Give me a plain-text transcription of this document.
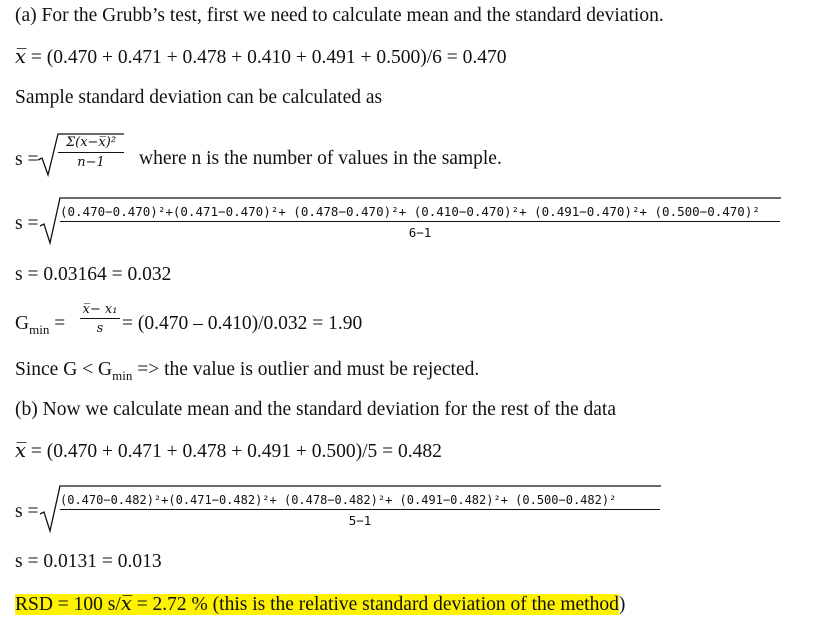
(a) For the Grubb’s test, first we need to calculate mean and the standard deviation.
x̅ = (0.470 + 0.471 + 0.478 + 0.410 + 0.491 + 0.500)/6 = 0.470
Sample standard deviation can be calculated as
$s = \frac{\text{Σ(x−x̅)²}}{n-1}$ where n is the number of values in the sample.
s =
(0.470−0.470)²+(0.471−0.470)²+ (0.478−0.470)²+ (0.410−0.470)²+ (0.491−0.470)²+ (0.500−0.470)²
6−1
s = 0.03164 = 0.032
$G_{min} = \frac{\text{x̅− x₁}}{s} = (0.470 - 0.410)/0.032 = 1.90$
Since $G < G_{min}$ => the value is outlier and must be rejected.
(b) Now we calculate mean and the standard deviation for the rest of the data
x̅ = (0.470 + 0.471 + 0.478 + 0.491 + 0.500)/5 = 0.482
s =
(0.470−0.482)²+(0.471−0.482)²+ (0.478−0.482)²+ (0.491−0.482)²+ (0.500−0.482)²
5−1
s = 0.0131 = 0.013
RSD = 100 s/x̅ = 2.72 % (this is the relative standard deviation of the method)
